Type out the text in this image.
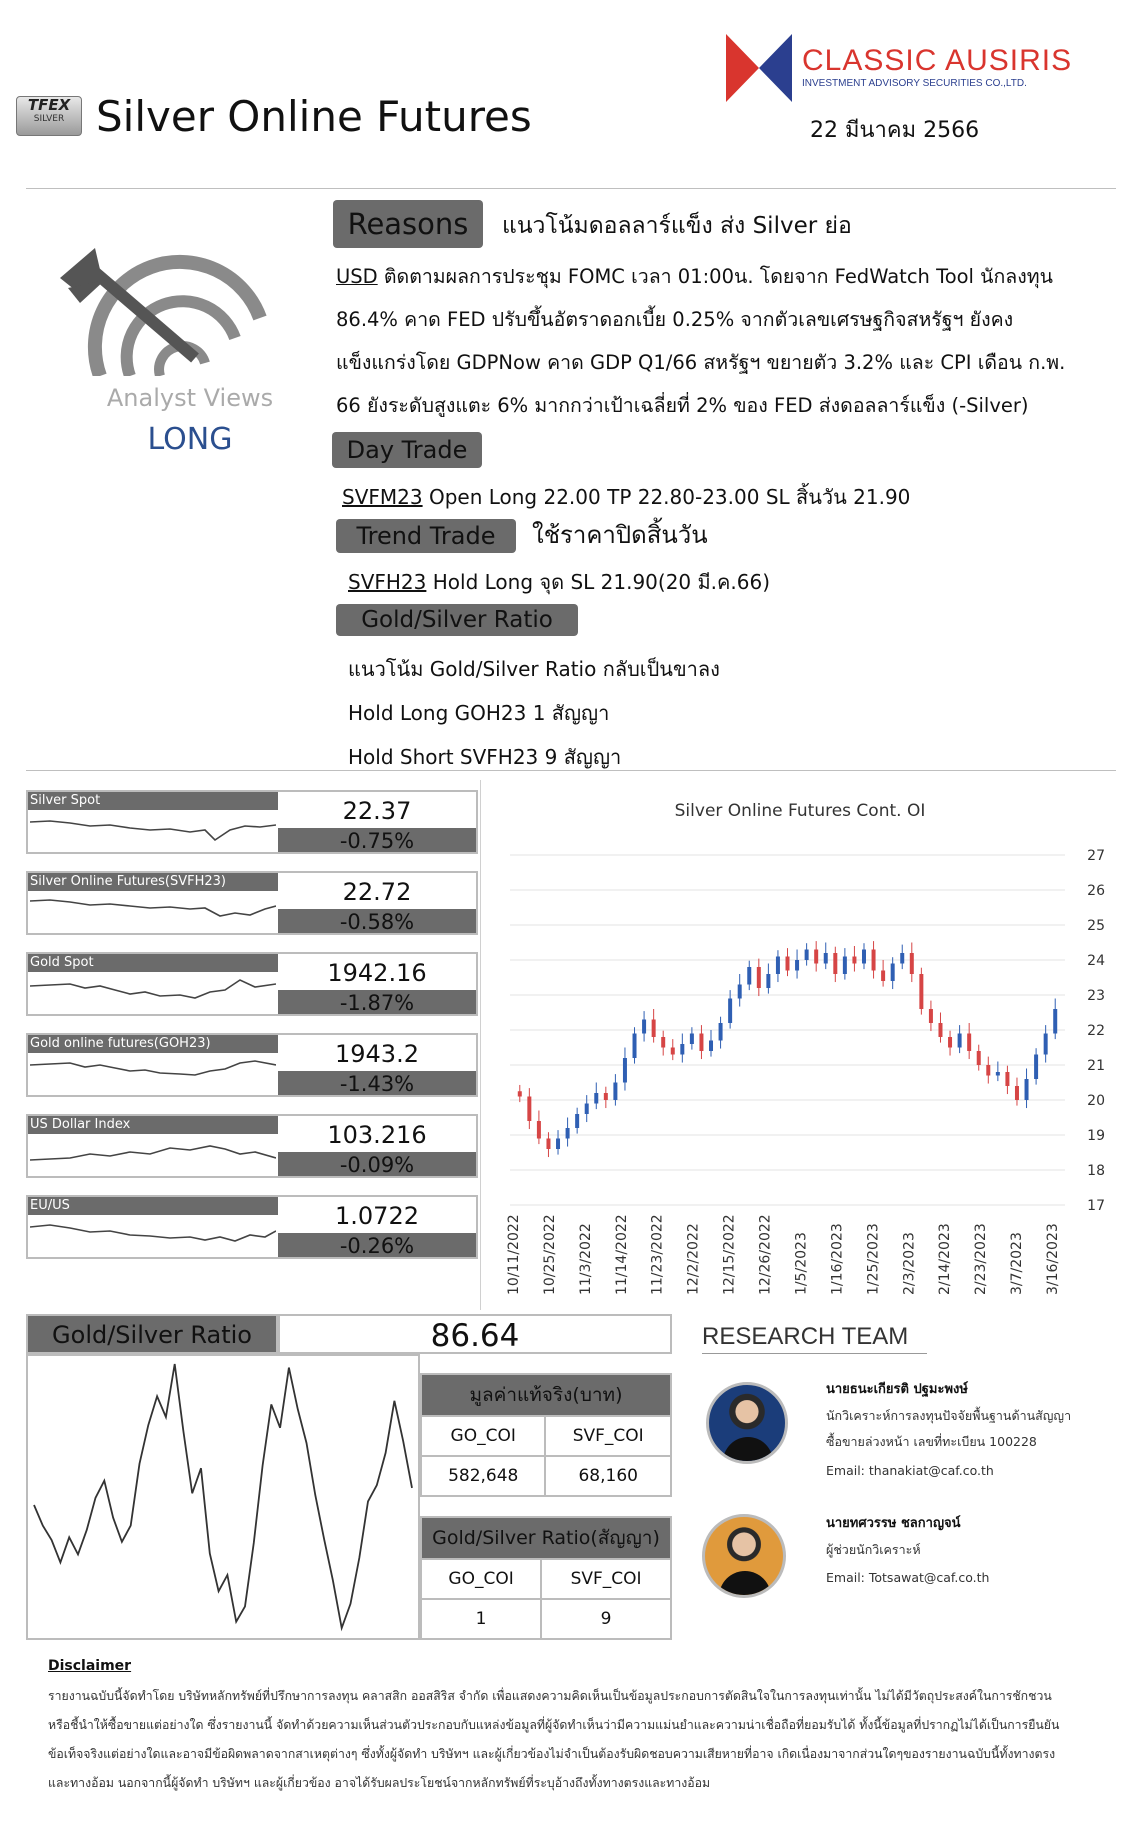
TFEX
SILVER Silver Online Futures
CLASSIC AUSIRIS
INVESTMENT ADVISORY SECURITIES CO.,LTD.
22 มีนาคม 2566
Analyst Views
LONG
Reasons	แนวโน้มดอลลาร์แข็ง ส่ง Silver ย่อ
USD ติดตามผลการประชุม FOMC เวลา 01:00น. โดยจาก FedWatch Tool นักลงทุน
86.4% คาด FED ปรับขึ้นอัตราดอกเบี้ย 0.25% จากตัวเลขเศรษฐกิจสหรัฐฯ ยังคง
แข็งแกร่งโดย GDPNow คาด GDP Q1/66 สหรัฐฯ ขยายตัว 3.2% และ CPI เดือน ก.พ.
66 ยังระดับสูงแตะ 6% มากกว่าเป้าเฉลี่ยที่ 2% ของ FED ส่งดอลลาร์แข็ง (-Silver)
Day Trade
SVFM23 Open Long 22.00 TP 22.80-23.00 SL สิ้นวัน 21.90
Trend Trade	ใช้ราคาปิดสิ้นวัน
SVFH23 Hold Long จุด SL 21.90(20 มี.ค.66)
Gold/Silver Ratio
แนวโน้ม Gold/Silver Ratio กลับเป็นขาลง
Hold Long GOH23 1 สัญญา
Hold Short SVFH23 9 สัญญา
Silver Spot	22.37
-0.75%
Silver Online Futures(SVFH23)	22.72
-0.58%
Gold Spot	1942.16
-1.87%
Gold online futures(GOH23)	1943.2
-1.43%
US Dollar Index	103.216
-0.09%
EU/US	1.0722
-0.26%
Silver Online Futures Cont. OI
27
26
25
24
23
22
21
20
19
18
17
10/11/2022 10/25/2022 11/3/2022 11/14/2022 11/23/2022 12/2/2022 12/15/2022 12/26/2022 1/5/2023 1/16/2023 1/25/2023 2/3/2023 2/14/2023 2/23/2023 3/7/2023 3/16/2023
Gold/Silver Ratio	86.64
มูลค่าแท้จริง(บาท)	
GO_COI	SVF_COI
582,648	68,160
Gold/Silver Ratio(สัญญา)	
GO_COI	SVF_COI
1	9
RESEARCH TEAM
นายธนะเกียรติ ปฐมะพงษ์
นักวิเคราะห์การลงทุนปัจจัยพื้นฐานด้านสัญญา
ซื้อขายล่วงหน้า เลขที่ทะเบียน 100228
Email: thanakiat@caf.co.th
นายทศวรรษ ชลกาญจน์
ผู้ช่วยนักวิเคราะห์
Email: Totsawat@caf.co.th
Disclaimer
รายงานฉบับนี้จัดทำโดย บริษัทหลักทรัพย์ที่ปรึกษาการลงทุน คลาสสิก ออสสิริส จำกัด เพื่อแสดงความคิดเห็นเป็นข้อมูลประกอบการตัดสินใจในการลงทุนเท่านั้น ไม่ได้มีวัตถุประสงค์ในการชักชวน
หรือชี้นำให้ซื้อขายแต่อย่างใด ซึ่งรายงานนี้ จัดทำด้วยความเห็นส่วนตัวประกอบกับแหล่งข้อมูลที่ผู้จัดทำเห็นว่ามีความแม่นยำและความน่าเชื่อถือที่ยอมรับได้ ทั้งนี้ข้อมูลที่ปรากฏไม่ได้เป็นการยืนยัน
ข้อเท็จจริงแต่อย่างใดและอาจมีข้อผิดพลาดจากสาเหตุต่างๆ ซึ่งทั้งผู้จัดทำ บริษัทฯ และผู้เกี่ยวข้องไม่จำเป็นต้องรับผิดชอบความเสียหายที่อาจ เกิดเนื่องมาจากส่วนใดๆของรายงานฉบับนี้ทั้งทางตรง
และทางอ้อม นอกจากนี้ผู้จัดทำ บริษัทฯ และผู้เกี่ยวข้อง อาจได้รับผลประโยชน์จากหลักทรัพย์ที่ระบุอ้างถึงทั้งทางตรงและทางอ้อม
